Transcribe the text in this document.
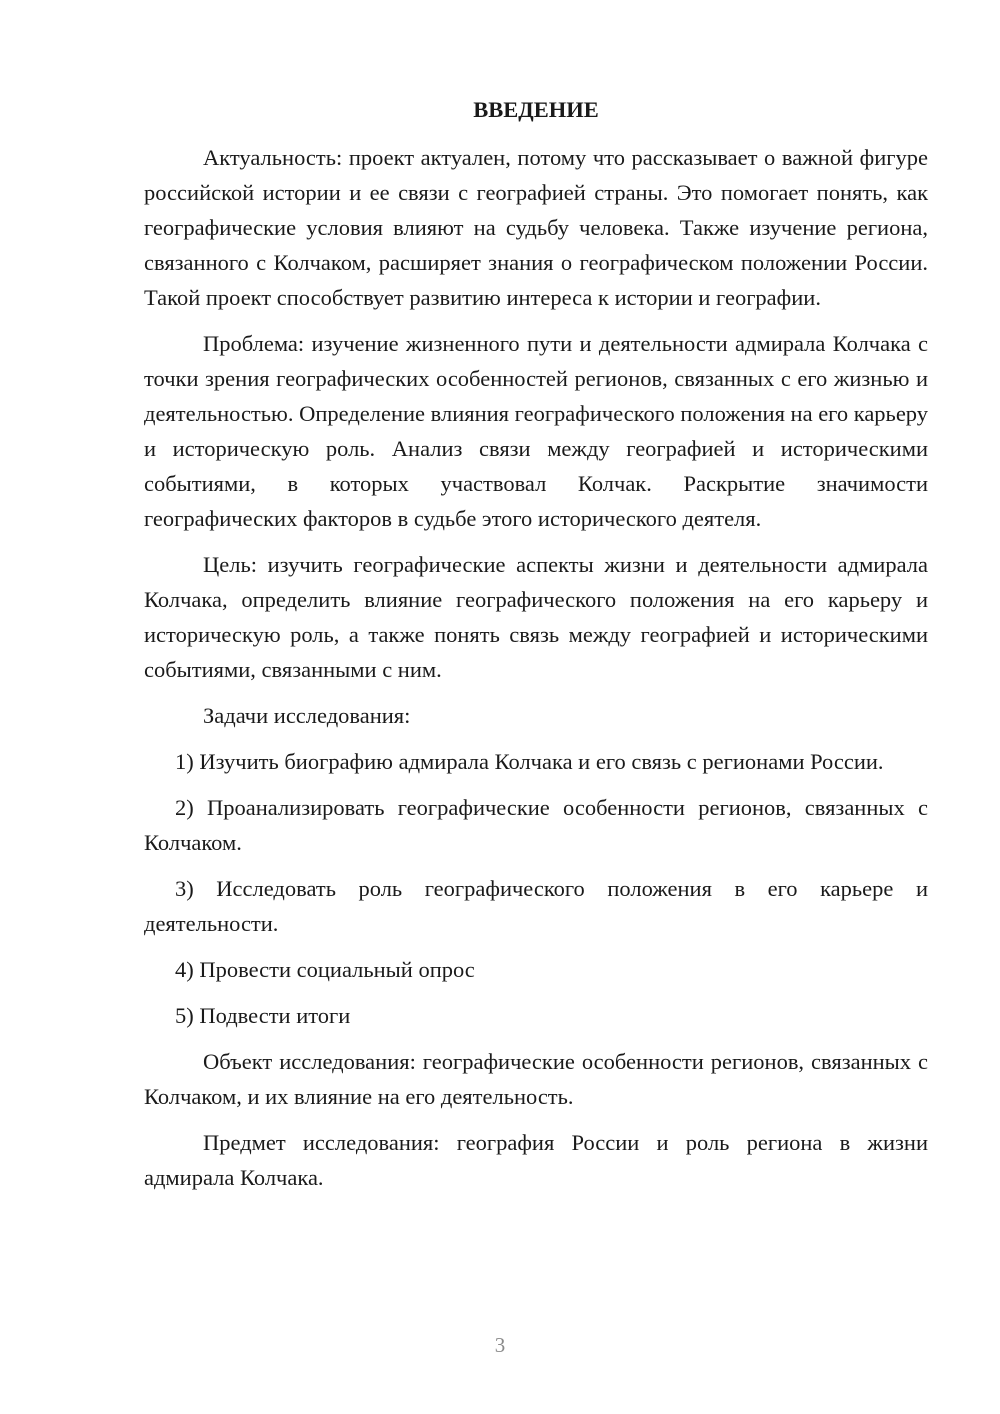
ВВЕДЕНИЕ

Актуальность: проект актуален, потому что рассказывает о важной фигуре российской истории и ее связи с географией страны. Это помогает понять, как географические условия влияют на судьбу человека. Также изучение региона, связанного с Колчаком, расширяет знания о географическом положении России. Такой проект способствует развитию интереса к истории и географии.

Проблема: изучение жизненного пути и деятельности адмирала Колчака с точки зрения географических особенностей регионов, связанных с его жизнью и деятельностью. Определение влияния географического положения на его карьеру и историческую роль. Анализ связи между географией и историческими событиями, в которых участвовал Колчак. Раскрытие значимости географических факторов в судьбе этого исторического деятеля.

Цель: изучить географические аспекты жизни и деятельности адмирала Колчака, определить влияние географического положения на его карьеру и историческую роль, а также понять связь между географией и историческими событиями, связанными с ним.

Задачи исследования:

1) Изучить биографию адмирала Колчака и его связь с регионами России.

2) Проанализировать географические особенности регионов, связанных с Колчаком.

3) Исследовать роль географического положения в его карьере и деятельности.

4) Провести социальный опрос

5) Подвести итоги

Объект исследования: географические особенности регионов, связанных с Колчаком, и их влияние на его деятельность.

Предмет исследования: география России и роль региона в жизни адмирала Колчака.

3
